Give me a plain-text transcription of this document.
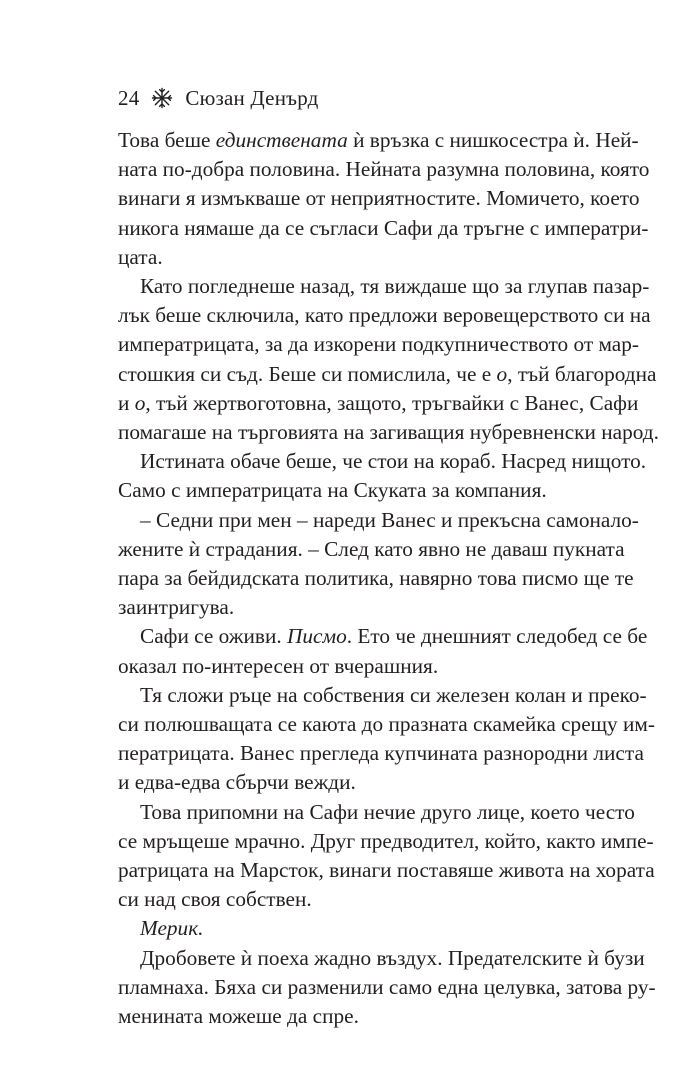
24 Сюзан Денърд

Това беше единствената ѝ връзка с нишкосестра ѝ. Ней-
ната по-добра половина. Нейната разумна половина, която
винаги я измъкваше от неприятностите. Момичето, което
никога нямаше да се съгласи Сафи да тръгне с императри-
цата.

Като погледнеше назад, тя виждаше що за глупав пазар-
лък беше сключила, като предложи веровещерството си на
императрицата, за да изкорени подкупничеството от мар-
стошкия си съд. Беше си помислила, че е о, тъй благородна
и о, тъй жертвоготовна, защото, тръгвайки с Ванес, Сафи
помагаше на търговията на загиващия нубревненски народ.

Истината обаче беше, че стои на кораб. Насред нищото.
Само с императрицата на Скуката за компания.

– Седни при мен – нареди Ванес и прекъсна самонало-
жените ѝ страдания. – След като явно не даваш пукната
пара за бейдидската политика, навярно това писмо ще те
заинтригува.

Сафи се оживи. Писмо. Ето че днешният следобед се бе
оказал по-интересен от вчерашния.

Тя сложи ръце на собствения си железен колан и преко-
си полюшващата се каюта до празната скамейка срещу им-
ператрицата. Ванес прегледа купчината разнородни листа
и едва-едва сбърчи вежди.

Това припомни на Сафи нечие друго лице, което често
се мръщеше мрачно. Друг предводител, който, както импе-
ратрицата на Марсток, винаги поставяше живота на хората
си над своя собствен.

Мерик.

Дробовете ѝ поеха жадно въздух. Предателските ѝ бузи
пламнаха. Бяха си разменили само една целувка, затова ру-
менината можеше да спре.
